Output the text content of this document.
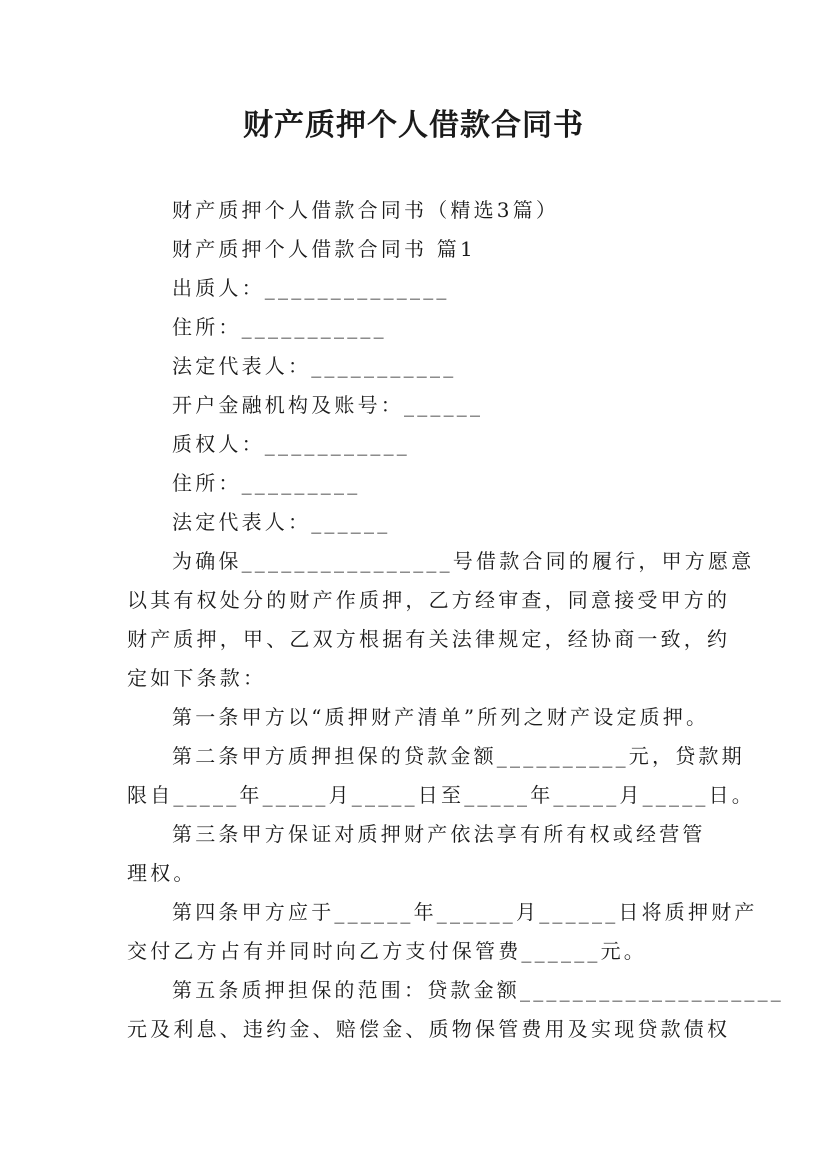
财产质押个人借款合同书
财产质押个人借款合同书（精选3篇）
财产质押个人借款合同书 篇1
出质人：______________
住所：___________
法定代表人：___________
开户金融机构及账号：______
质权人：___________
住所：_________
法定代表人：______
为确保________________号借款合同的履行，甲方愿意
以其有权处分的财产作质押，乙方经审查，同意接受甲方的
财产质押，甲、乙双方根据有关法律规定，经协商一致，约
定如下条款：
第一条甲方以“质押财产清单”所列之财产设定质押。
第二条甲方质押担保的贷款金额__________元，贷款期
限自_____年_____月_____日至_____年_____月_____日。
第三条甲方保证对质押财产依法享有所有权或经营管
理权。
第四条甲方应于______年______月______日将质押财产
交付乙方占有并同时向乙方支付保管费______元。
第五条质押担保的范围：贷款金额____________________
元及利息、违约金、赔偿金、质物保管费用及实现贷款债权
